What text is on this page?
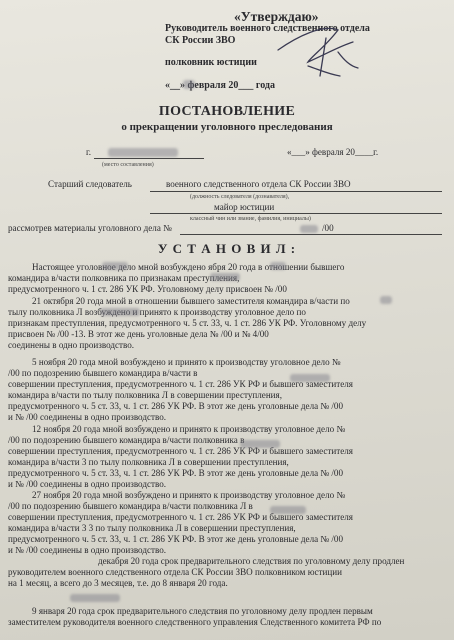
«Утверждаю»
Руководитель военного следственного отдела
СК России ЗВО
полковник юстиции
«__» февраля 20___ года
ПОСТАНОВЛЕНИЕ
о прекращении уголовного преследования
г.
(место составления)
«___» февраля 20____г.
Старший следователь	военного следственного отдела СК России ЗВО
(должность следователя (дознавателя),
майор юстиции
классный чин или звание, фамилия, инициалы)
рассмотрев материалы уголовного дела №	/00
У С Т А Н О В И Л :
Настоящее уголовное дело мной возбуждено ября 20 года в отношении бывшего
командира в/части полковника по признакам преступления,
предусмотренного ч. 1 ст. 286 УК РФ. Уголовному делу присвоен № /00
21 октября 20 года мной в отношении бывшего заместителя командира в/части по
тылу полковника Л возбуждено и принято к производству уголовное дело по
признакам преступления, предусмотренного ч. 5 ст. 33, ч. 1 ст. 286 УК РФ. Уголовному делу
присвоен № /00 -13. В этот же день уголовные дела № /00 и № 4/00
соединены в одно производство.
5 ноября 20 года мной возбуждено и принято к производству уголовное дело №
/00 по подозрению бывшего командира в/части в
совершении преступления, предусмотренного ч. 1 ст. 286 УК РФ и бывшего заместителя
командира в/части по тылу полковника Л в совершении преступления,
предусмотренного ч. 5 ст. 33, ч. 1 ст. 286 УК РФ. В этот же день уголовные дела № /00
и № /00 соединены в одно производство.
12 ноября 20 года мной возбуждено и принято к производству уголовное дело №
/00 по подозрению бывшего командира в/части полковника в
совершении преступления, предусмотренного ч. 1 ст. 286 УК РФ и бывшего заместителя
командира в/части 3 по тылу полковника Л в совершении преступления,
предусмотренного ч. 5 ст. 33, ч. 1 ст. 286 УК РФ. В этот же день уголовные дела № /00
и № /00 соединены в одно производство.
27 ноября 20 года мной возбуждено и принято к производству уголовное дело №
/00 по подозрению бывшего командира в/части полковника Л в
совершении преступления, предусмотренного ч. 1 ст. 286 УК РФ и бывшего заместителя
командира в/части 3 3 по тылу полковника Л в совершении преступления,
предусмотренного ч. 5 ст. 33, ч. 1 ст. 286 УК РФ. В этот же день уголовные дела № /00
и № /00 соединены в одно производство.
декабря 20 года срок предварительного следствия по уголовному делу продлен
руководителем военного следственного отдела СК России ЗВО полковником юстиции
на 1 месяц, а всего до 3 месяцев, т.е. до 8 января 20 года.
9 января 20 года срок предварительного следствия по уголовному делу продлен первым
заместителем руководителя военного следственного управления Следственного комитета РФ по
